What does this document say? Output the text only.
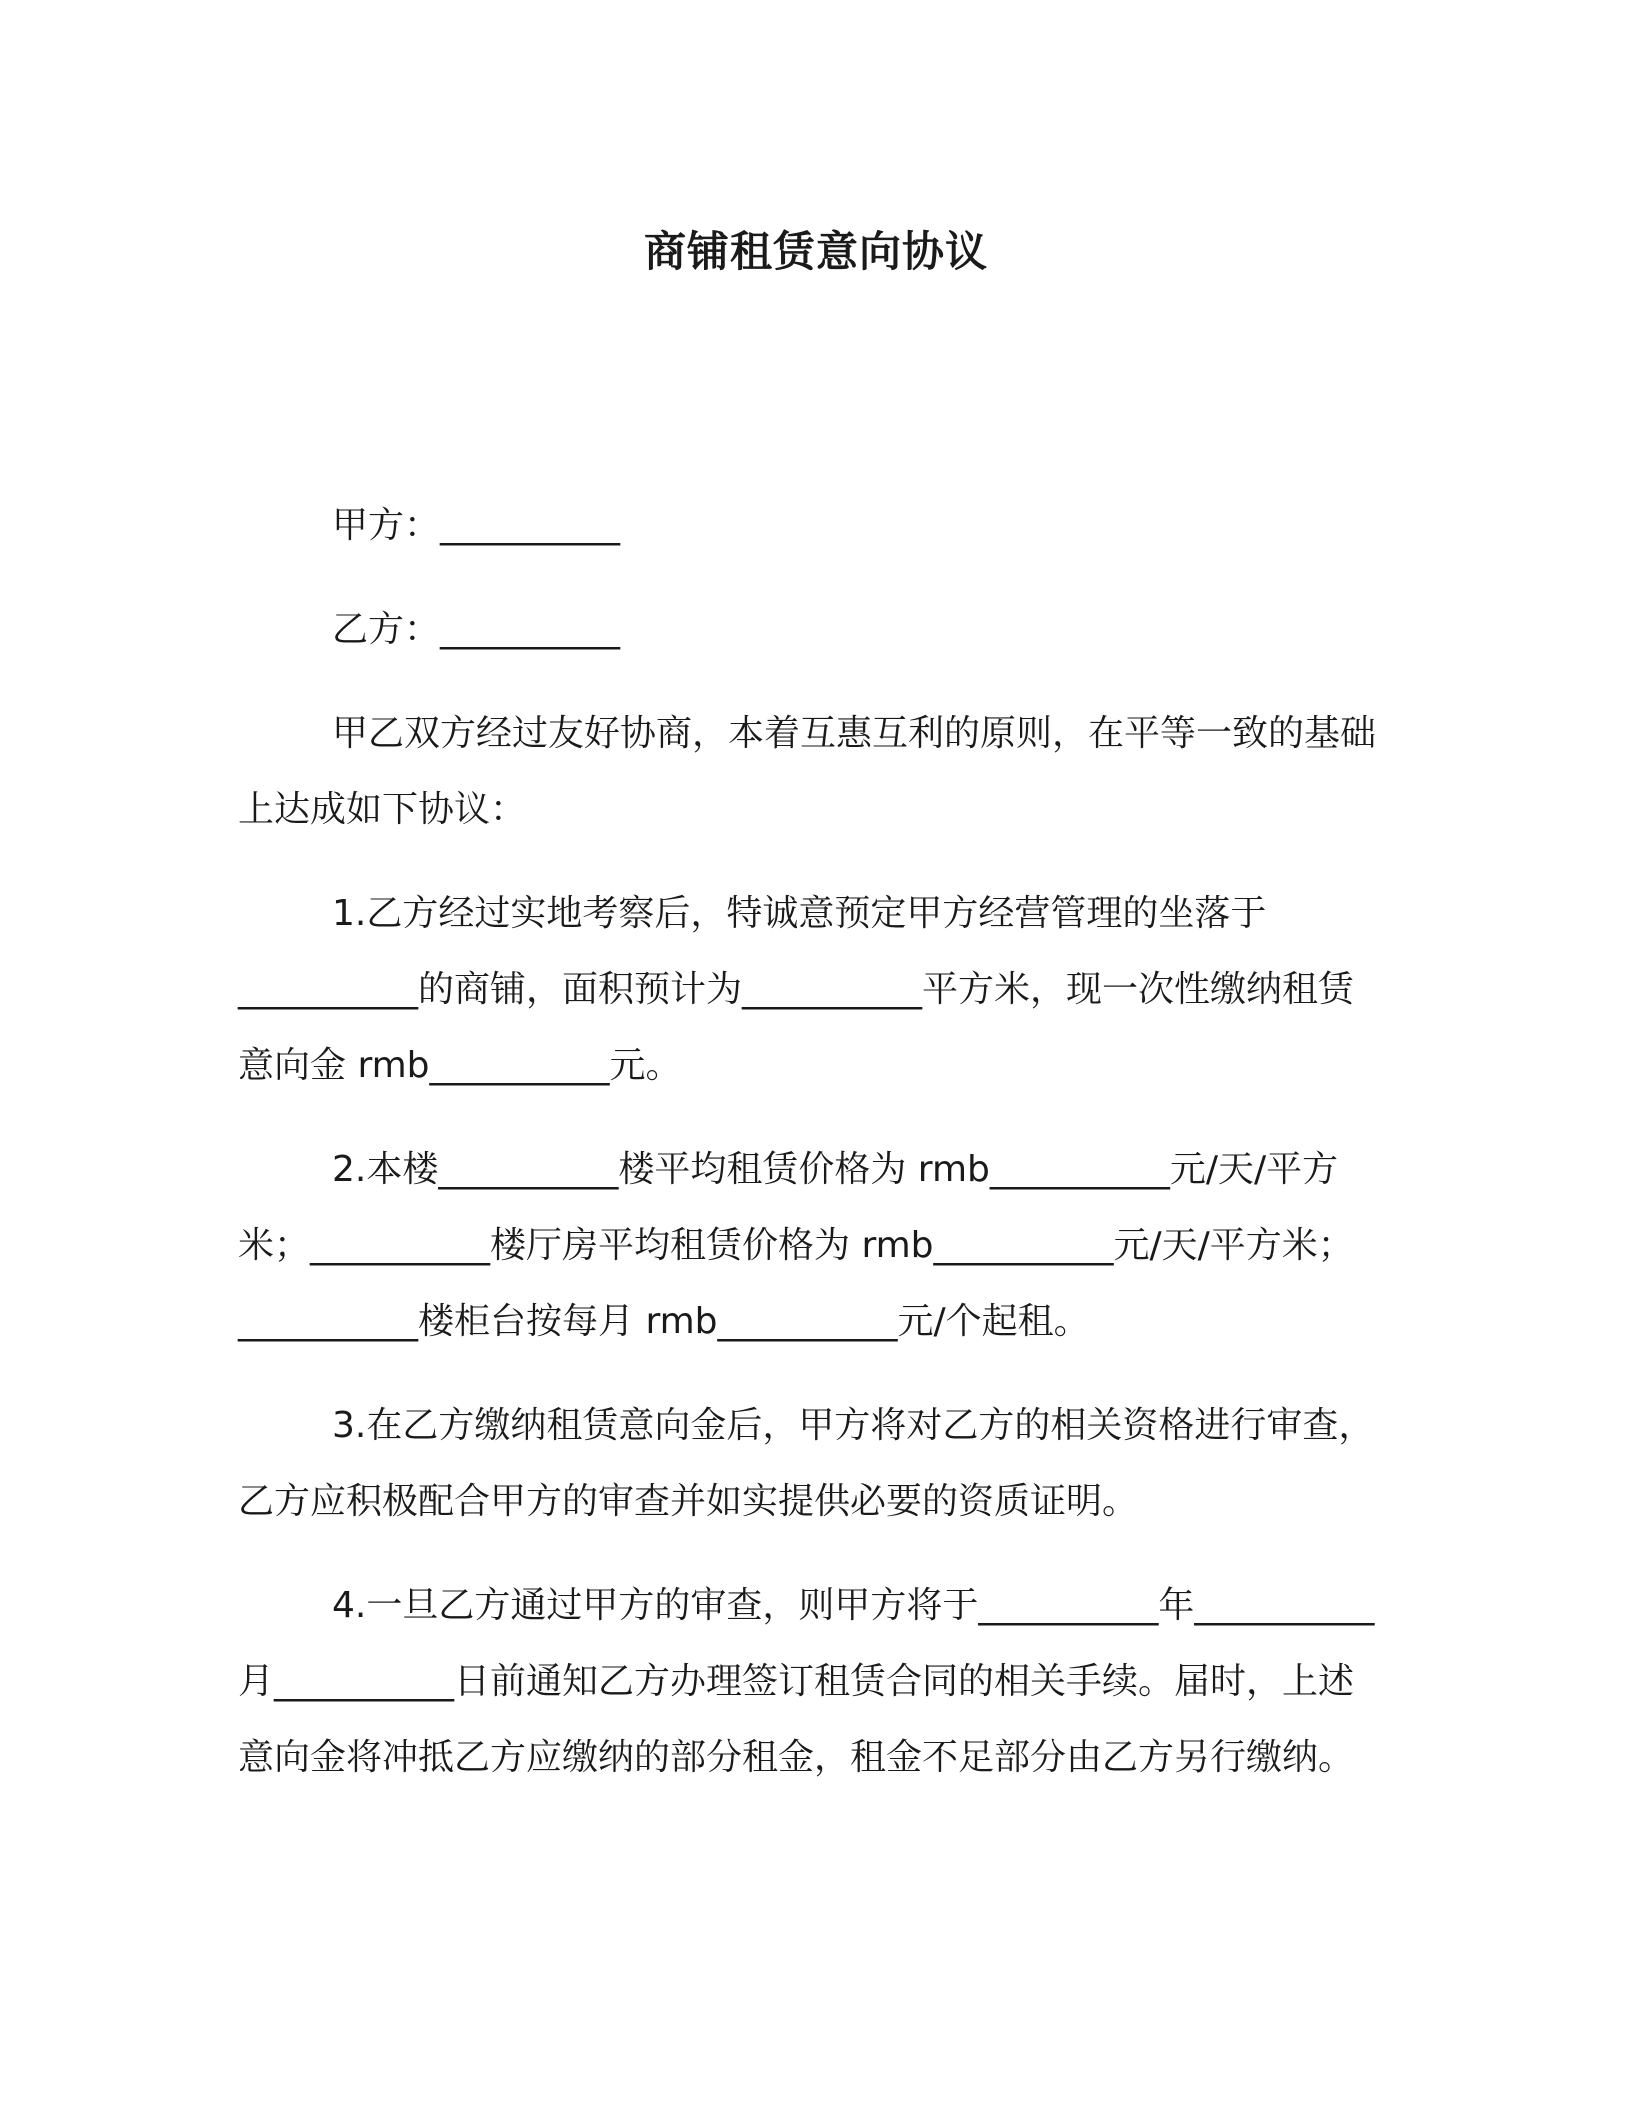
商铺租赁意向协议

甲方：__________

乙方：__________

甲乙双方经过友好协商，本着互惠互利的原则，在平等一致的基础上达成如下协议：

1.乙方经过实地考察后，特诚意预定甲方经营管理的坐落于__________的商铺，面积预计为__________平方米，现一次性缴纳租赁意向金 rmb__________元。

2.本楼__________楼平均租赁价格为 rmb__________元/天/平方米；__________楼厅房平均租赁价格为 rmb__________元/天/平方米；__________楼柜台按每月 rmb__________元/个起租。

3.在乙方缴纳租赁意向金后，甲方将对乙方的相关资格进行审查，乙方应积极配合甲方的审查并如实提供必要的资质证明。

4.一旦乙方通过甲方的审查，则甲方将于__________年__________月__________日前通知乙方办理签订租赁合同的相关手续。届时，上述意向金将冲抵乙方应缴纳的部分租金，租金不足部分由乙方另行缴纳。
